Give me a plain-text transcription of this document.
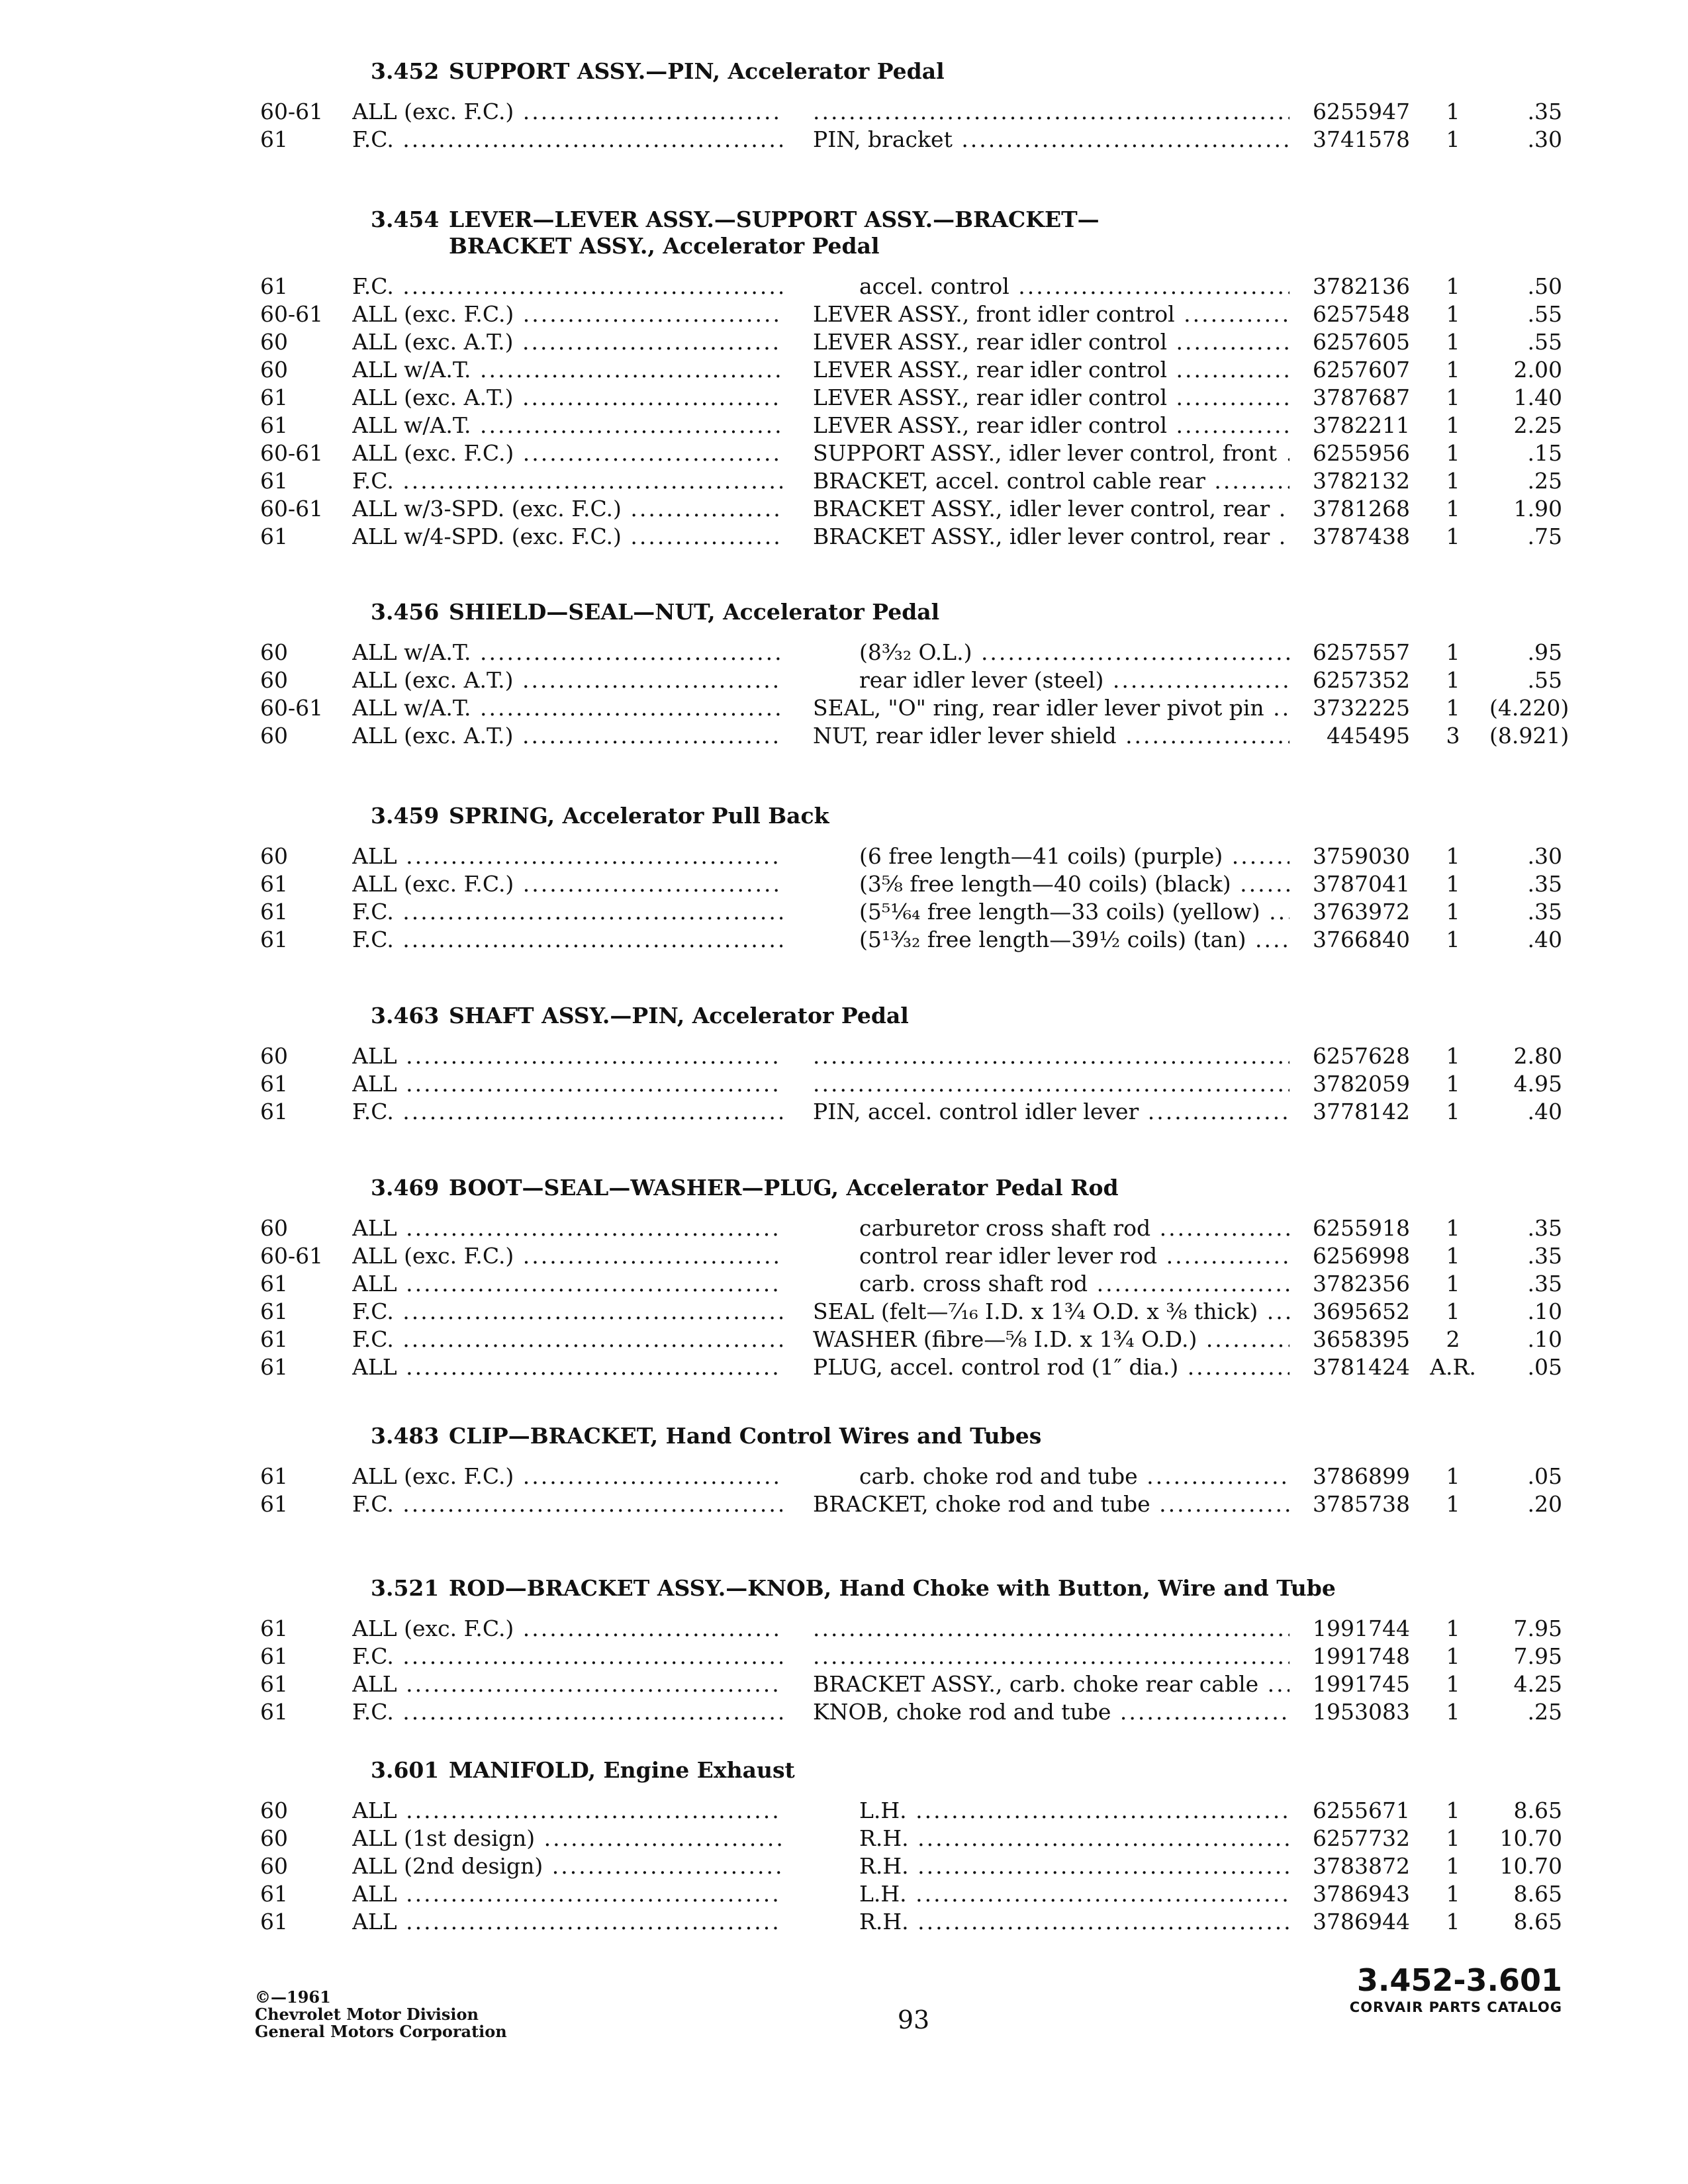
3.452 SUPPORT ASSY.—PIN, Accelerator Pedal
60-61	ALL (exc. F.C.) ..... .....	6255947	1	.35
61	F.C. .....	PIN, bracket .....	3741578	1	.30
3.454 LEVER—LEVER ASSY.—SUPPORT ASSY.—BRACKET—
BRACKET ASSY., Accelerator Pedal
61	F.C. .....	accel. control .....	3782136	1	.50
60-61	ALL (exc. F.C.) .....	LEVER ASSY., front idler control .....	6257548	1	.55
60	ALL (exc. A.T.) .....	LEVER ASSY., rear idler control .....	6257605	1	.55
60	ALL w/A.T. .....	LEVER ASSY., rear idler control .....	6257607	1	2.00
61	ALL (exc. A.T.) .....	LEVER ASSY., rear idler control .....	3787687	1	1.40
61	ALL w/A.T. .....	LEVER ASSY., rear idler control .....	3782211	1	2.25
60-61	ALL (exc. F.C.) .....	SUPPORT ASSY., idler lever control, front .....	6255956	1	.15
61	F.C. .....	BRACKET, accel. control cable rear .....	3782132	1	.25
60-61	ALL w/3-SPD. (exc. F.C.) .....	BRACKET ASSY., idler lever control, rear .....	3781268	1	1.90
61	ALL w/4-SPD. (exc. F.C.) .....	BRACKET ASSY., idler lever control, rear .....	3787438	1	.75
3.456 SHIELD—SEAL—NUT, Accelerator Pedal
60	ALL w/A.T. .....	(8³⁄₃₂ O.L.) .....	6257557	1	.95
60	ALL (exc. A.T.) .....	rear idler lever (steel) .....	6257352	1	.55
60-61	ALL w/A.T. .....	SEAL, "O" ring, rear idler lever pivot pin .....	3732225	1	(4.220)
60	ALL (exc. A.T.) .....	NUT, rear idler lever shield .....	445495	3	(8.921)
3.459 SPRING, Accelerator Pull Back
60	ALL .....	(6 free length—41 coils) (purple) .....	3759030	1	.30
61	ALL (exc. F.C.) .....	(3⁵⁄₈ free length—40 coils) (black) .....	3787041	1	.35
61	F.C. .....	(5⁵¹⁄₆₄ free length—33 coils) (yellow) .....	3763972	1	.35
61	F.C. .....	(5¹³⁄₃₂ free length—39½ coils) (tan) .....	3766840	1	.40
3.463 SHAFT ASSY.—PIN, Accelerator Pedal
60	ALL ..... .....	6257628	1	2.80
61	ALL ..... .....	3782059	1	4.95
61	F.C. .....	PIN, accel. control idler lever .....	3778142	1	.40
3.469 BOOT—SEAL—WASHER—PLUG, Accelerator Pedal Rod
60	ALL .....	carburetor cross shaft rod .....	6255918	1	.35
60-61	ALL (exc. F.C.) .....	control rear idler lever rod .....	6256998	1	.35
61	ALL .....	carb. cross shaft rod .....	3782356	1	.35
61	F.C. .....	SEAL (felt—⁷⁄₁₆ I.D. x 1¾ O.D. x ⅜ thick) .....	3695652	1	.10
61	F.C. .....	WASHER (fibre—⅝ I.D. x 1¾ O.D.) .....	3658395	2	.10
61	ALL .....	PLUG, accel. control rod (1″ dia.) .....	3781424 A.R.	.05
3.483 CLIP—BRACKET, Hand Control Wires and Tubes
61	ALL (exc. F.C.) .....	carb. choke rod and tube .....	3786899	1	.05
61	F.C. .....	BRACKET, choke rod and tube .....	3785738	1	.20
3.521 ROD—BRACKET ASSY.—KNOB, Hand Choke with Button, Wire and Tube
61	ALL (exc. F.C.) ..... .....	1991744	1	7.95
61	F.C. ..... .....	1991748	1	7.95
61	ALL .....	BRACKET ASSY., carb. choke rear cable .....	1991745	1	4.25
61	F.C. .....	KNOB, choke rod and tube .....	1953083	1	.25
3.601 MANIFOLD, Engine Exhaust
60	ALL .....	L.H. .....	6255671	1	8.65
60	ALL (1st design) .....	R.H. .....	6257732	1	10.70
60	ALL (2nd design) .....	R.H. .....	3783872	1	10.70
61	ALL .....	L.H. .....	3786943	1	8.65
61	ALL .....	R.H. .....	3786944	1	8.65
©—1961
Chevrolet Motor Division
General Motors Corporation	93
3.452-3.601
CORVAIR PARTS CATALOG
